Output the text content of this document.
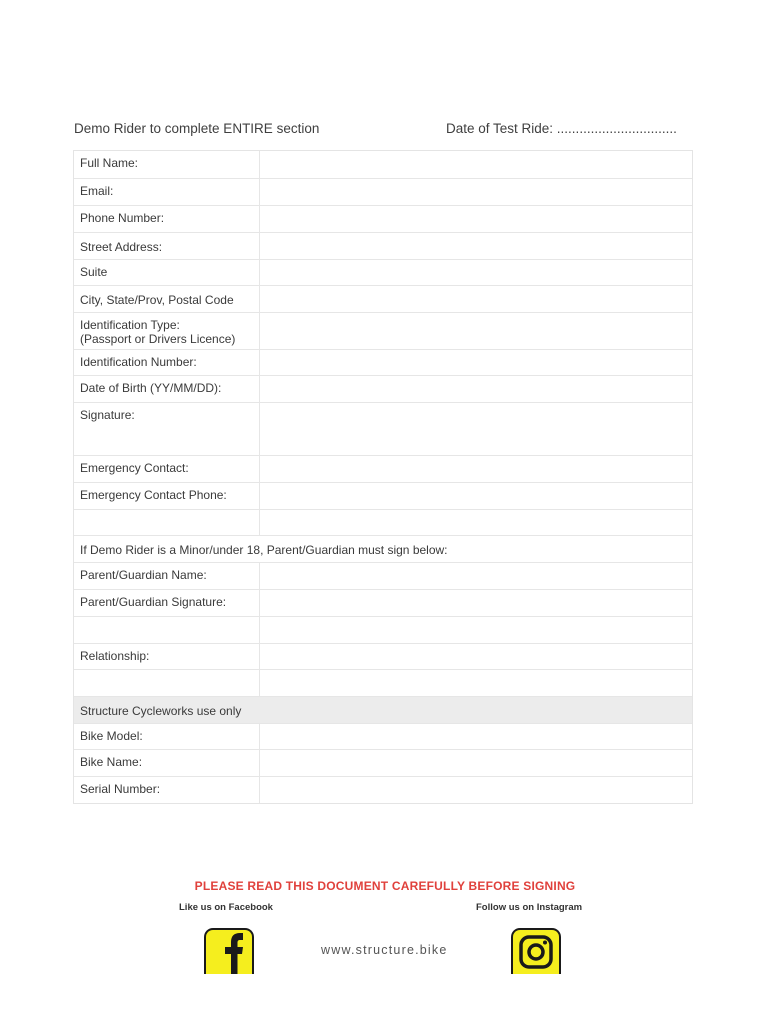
Demo Rider to complete ENTIRE section	Date of Test Ride: ................................
Full Name:
Email:
Phone Number:
Street Address:
Suite
City, State/Prov, Postal Code
Identification Type:
(Passport or Drivers Licence)
Identification Number:
Date of Birth (YY/MM/DD):
Signature:
Emergency Contact:
Emergency Contact Phone:
If Demo Rider is a Minor/under 18, Parent/Guardian must sign below:
Parent/Guardian Name:
Parent/Guardian Signature:
Relationship:
Structure Cycleworks use only
Bike Model:
Bike Name:
Serial Number:
PLEASE READ THIS DOCUMENT CAREFULLY BEFORE SIGNING
Like us on Facebook	Follow us on Instagram
www.structure.bike
